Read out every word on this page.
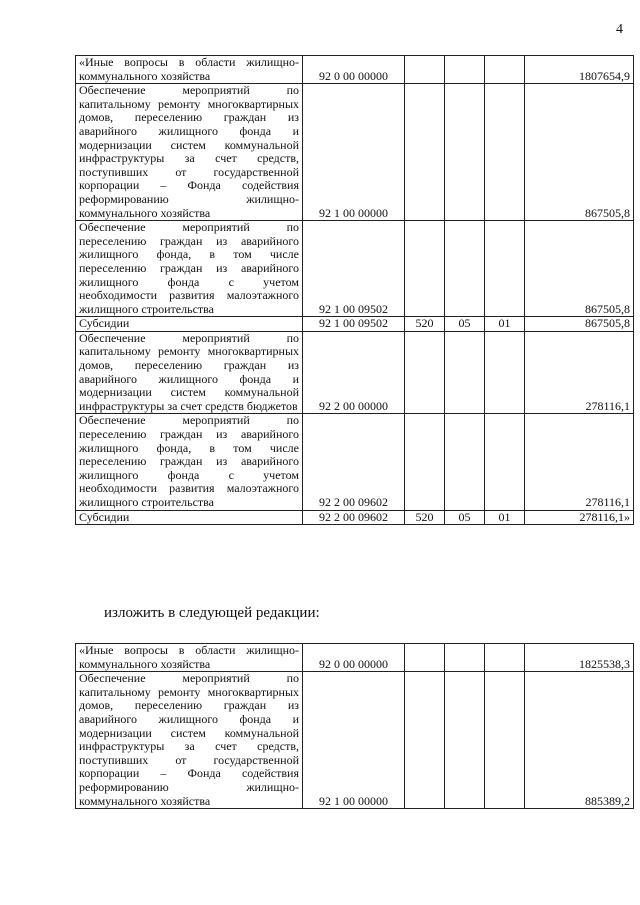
4
«Иные вопросы в области жилищно-коммунального хозяйства	92 0 00 00000				1807654,9
Обеспечение мероприятий по капитальному ремонту многоквартирных домов, переселению граждан из аварийного жилищного фонда и модернизации систем коммунальной инфраструктуры за счет средств, поступивших от государственной корпорации – Фонда содействия реформированию жилищно-коммунального хозяйства	92 1 00 00000				867505,8
Обеспечение мероприятий по переселению граждан из аварийного жилищного фонда, в том числе переселению граждан из аварийного жилищного фонда с учетом необходимости развития малоэтажного жилищного строительства	92 1 00 09502				867505,8
Субсидии	92 1 00 09502	520	05	01	867505,8
Обеспечение мероприятий по капитальному ремонту многоквартирных домов, переселению граждан из аварийного жилищного фонда и модернизации систем коммунальной инфраструктуры за счет средств бюджетов	92 2 00 00000				278116,1
Обеспечение мероприятий по переселению граждан из аварийного жилищного фонда, в том числе переселению граждан из аварийного жилищного фонда с учетом необходимости развития малоэтажного жилищного строительства	92 2 00 09602				278116,1
Субсидии	92 2 00 09602	520	05	01	278116,1»
изложить в следующей редакции:
«Иные вопросы в области жилищно-коммунального хозяйства	92 0 00 00000				1825538,3
Обеспечение мероприятий по капитальному ремонту многоквартирных домов, переселению граждан из аварийного жилищного фонда и модернизации систем коммунальной инфраструктуры за счет средств, поступивших от государственной корпорации – Фонда содействия реформированию жилищно-коммунального хозяйства	92 1 00 00000				885389,2
